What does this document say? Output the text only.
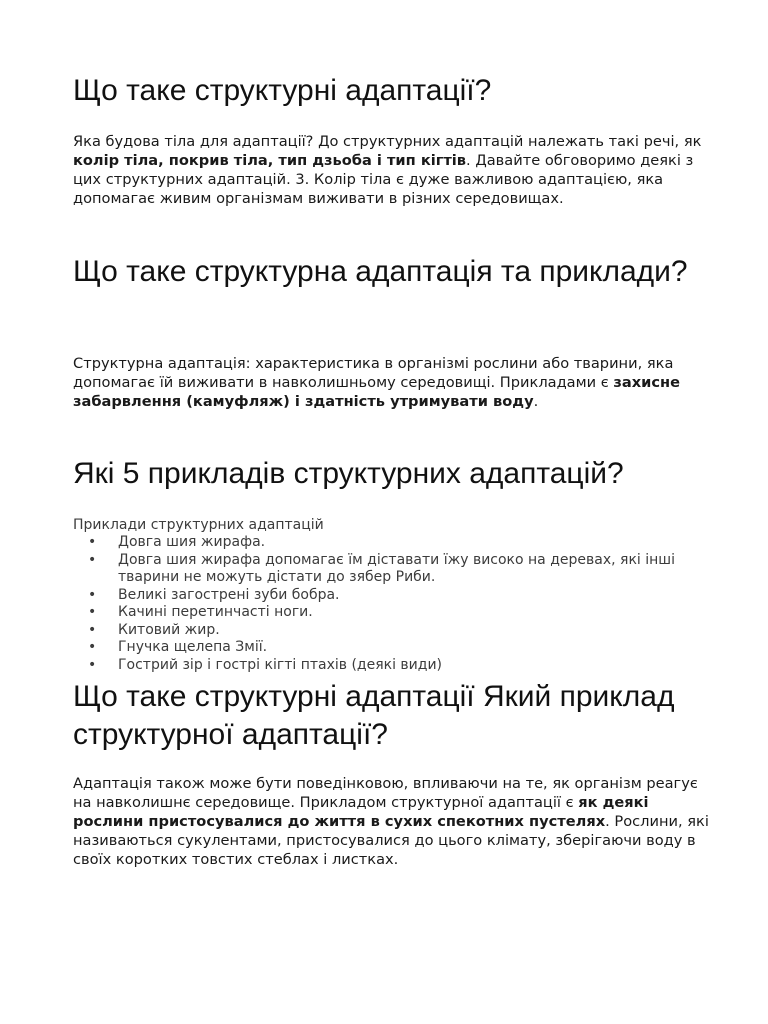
Що таке структурні адаптації?

Яка будова тіла для адаптації? До структурних адаптацій належать такі речі, як колір тіла, покрив тіла, тип дзьоба і тип кігтів. Давайте обговоримо деякі з цих структурних адаптацій. 3. Колір тіла є дуже важливою адаптацією, яка допомагає живим організмам виживати в різних середовищах.

Що таке структурна адаптація та приклади?

Структурна адаптація: характеристика в організмі рослини або тварини, яка допомагає їй виживати в навколишньому середовищі. Прикладами є захисне забарвлення (камуфляж) і здатність утримувати воду.

Які 5 прикладів структурних адаптацій?
Приклади структурних адаптацій
• Довга шия жирафа.
• Довга шия жирафа допомагає їм діставати їжу високо на деревах, які інші тварини не можуть дістати до зябер Риби.
• Великі загострені зуби бобра.
• Качині перетинчасті ноги.
• Китовий жир.
• Гнучка щелепа Змії.
• Гострий зір і гострі кігті птахів (деякі види)
Що таке структурні адаптації Який приклад структурної адаптації?

Адаптація також може бути поведінковою, впливаючи на те, як організм реагує на навколишнє середовище. Прикладом структурної адаптації є як деякі рослини пристосувалися до життя в сухих спекотних пустелях. Рослини, які називаються сукулентами, пристосувалися до цього клімату, зберігаючи воду в своїх коротких товстих стеблах і листках.
